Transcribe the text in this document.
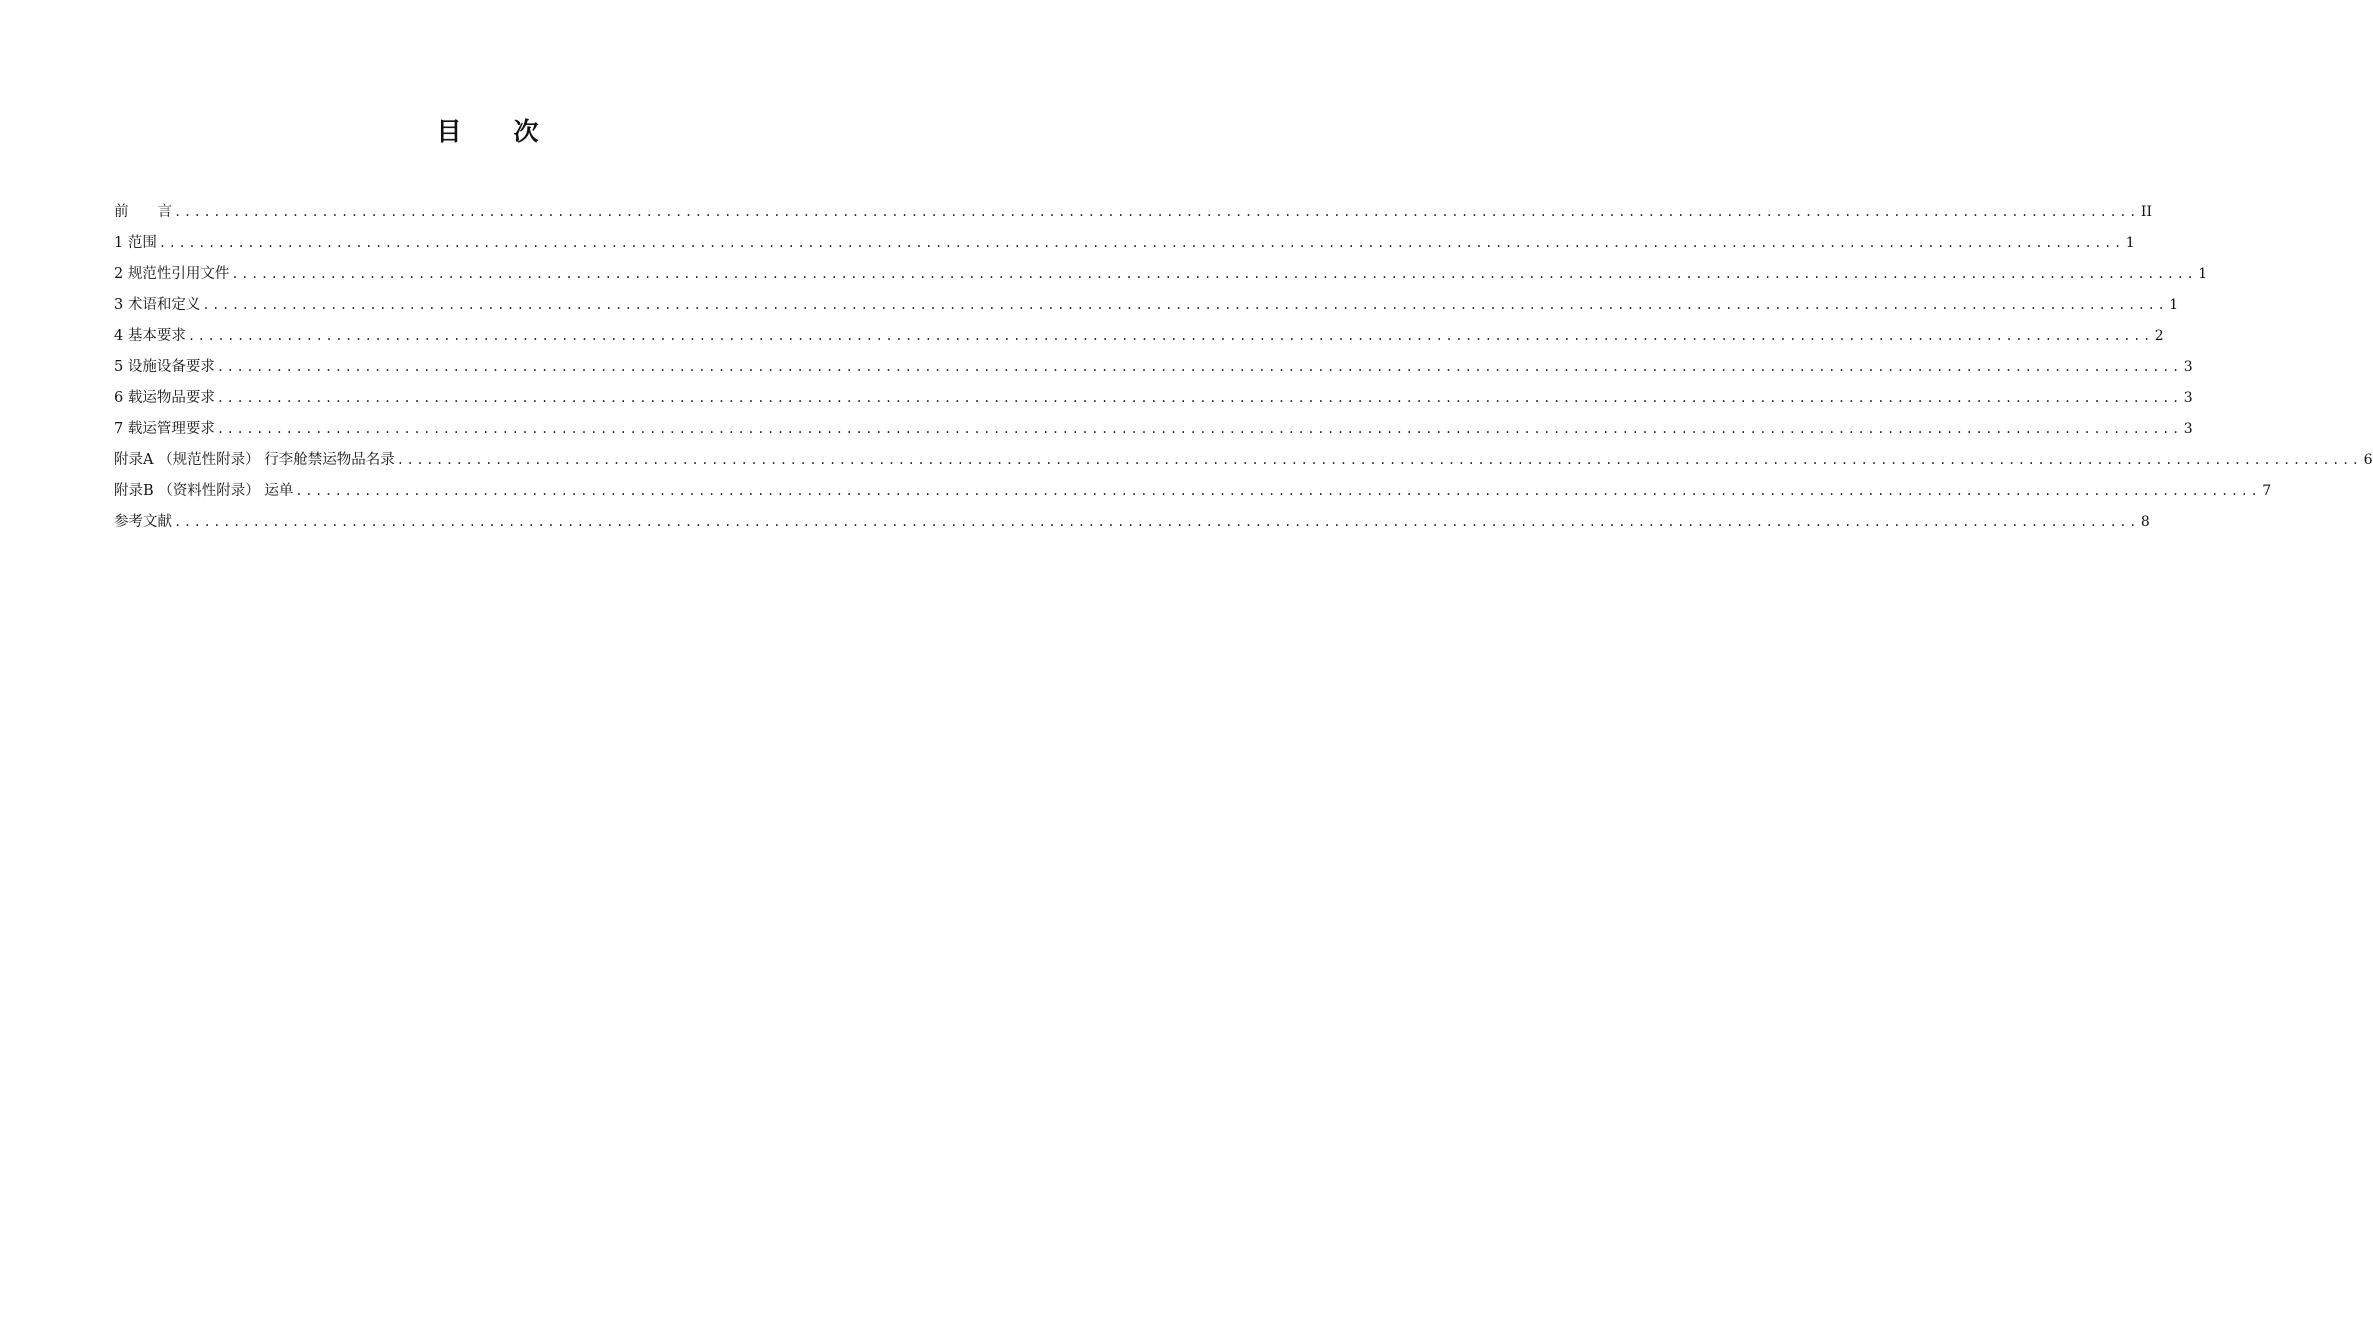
目 次
前　　言 ........................................................................................................................................................................................................ II
1 范围 ........................................................................................................................................................................................................ 1
2 规范性引用文件 ........................................................................................................................................................................................................ 1
3 术语和定义 ........................................................................................................................................................................................................ 1
4 基本要求 ........................................................................................................................................................................................................ 2
5 设施设备要求 ........................................................................................................................................................................................................ 3
6 载运物品要求 ........................................................................................................................................................................................................ 3
7 载运管理要求 ........................................................................................................................................................................................................ 3
附录A （规范性附录） 行李舱禁运物品名录 ........................................................................................................................................................................................................ 6
附录B （资料性附录） 运单 ........................................................................................................................................................................................................ 7
参考文献 ........................................................................................................................................................................................................ 8
